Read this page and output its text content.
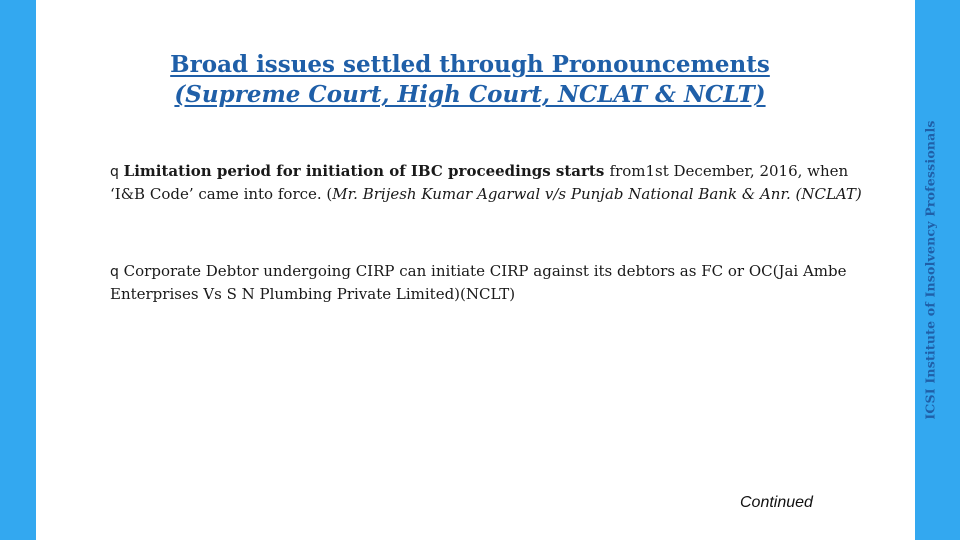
ICSI Institute of Insolvency Professionals
Broad issues settled through Pronouncements
(Supreme Court, High Court, NCLAT & NCLT)
q Limitation period for initiation of IBC proceedings starts from1st December, 2016, when ‘I&B Code’ came into force. (Mr. Brijesh Kumar Agarwal v/s Punjab National Bank & Anr. (NCLAT)
q Corporate Debtor undergoing CIRP can initiate CIRP against its debtors as FC or OC(Jai Ambe Enterprises Vs S N Plumbing Private Limited)(NCLT)
Continued
